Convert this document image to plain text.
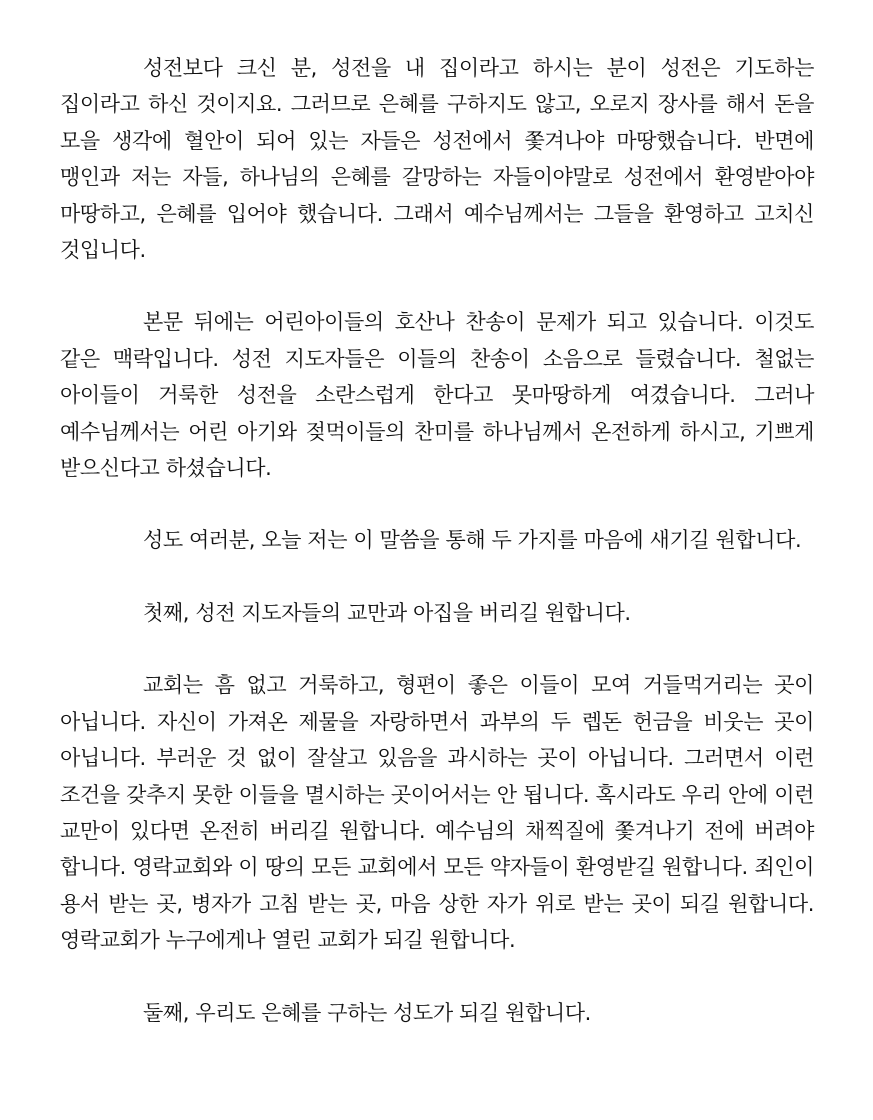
성전보다 크신 분, 성전을 내 집이라고 하시는 분이 성전은 기도하는 집이라고 하신 것이지요. 그러므로 은혜를 구하지도 않고, 오로지 장사를 해서 돈을 모을 생각에 혈안이 되어 있는 자들은 성전에서 쫓겨나야 마땅했습니다. 반면에 맹인과 저는 자들, 하나님의 은혜를 갈망하는 자들이야말로 성전에서 환영받아야 마땅하고, 은혜를 입어야 했습니다. 그래서 예수님께서는 그들을 환영하고 고치신 것입니다.

본문 뒤에는 어린아이들의 호산나 찬송이 문제가 되고 있습니다. 이것도 같은 맥락입니다. 성전 지도자들은 이들의 찬송이 소음으로 들렸습니다. 철없는 아이들이 거룩한 성전을 소란스럽게 한다고 못마땅하게 여겼습니다. 그러나 예수님께서는 어린 아기와 젖먹이들의 찬미를 하나님께서 온전하게 하시고, 기쁘게 받으신다고 하셨습니다.

성도 여러분, 오늘 저는 이 말씀을 통해 두 가지를 마음에 새기길 원합니다.

첫째, 성전 지도자들의 교만과 아집을 버리길 원합니다.

교회는 흠 없고 거룩하고, 형편이 좋은 이들이 모여 거들먹거리는 곳이 아닙니다. 자신이 가져온 제물을 자랑하면서 과부의 두 렙돈 헌금을 비웃는 곳이 아닙니다. 부러운 것 없이 잘살고 있음을 과시하는 곳이 아닙니다. 그러면서 이런 조건을 갖추지 못한 이들을 멸시하는 곳이어서는 안 됩니다. 혹시라도 우리 안에 이런 교만이 있다면 온전히 버리길 원합니다. 예수님의 채찍질에 쫓겨나기 전에 버려야 합니다. 영락교회와 이 땅의 모든 교회에서 모든 약자들이 환영받길 원합니다. 죄인이 용서 받는 곳, 병자가 고침 받는 곳, 마음 상한 자가 위로 받는 곳이 되길 원합니다. 영락교회가 누구에게나 열린 교회가 되길 원합니다.

둘째, 우리도 은혜를 구하는 성도가 되길 원합니다.
